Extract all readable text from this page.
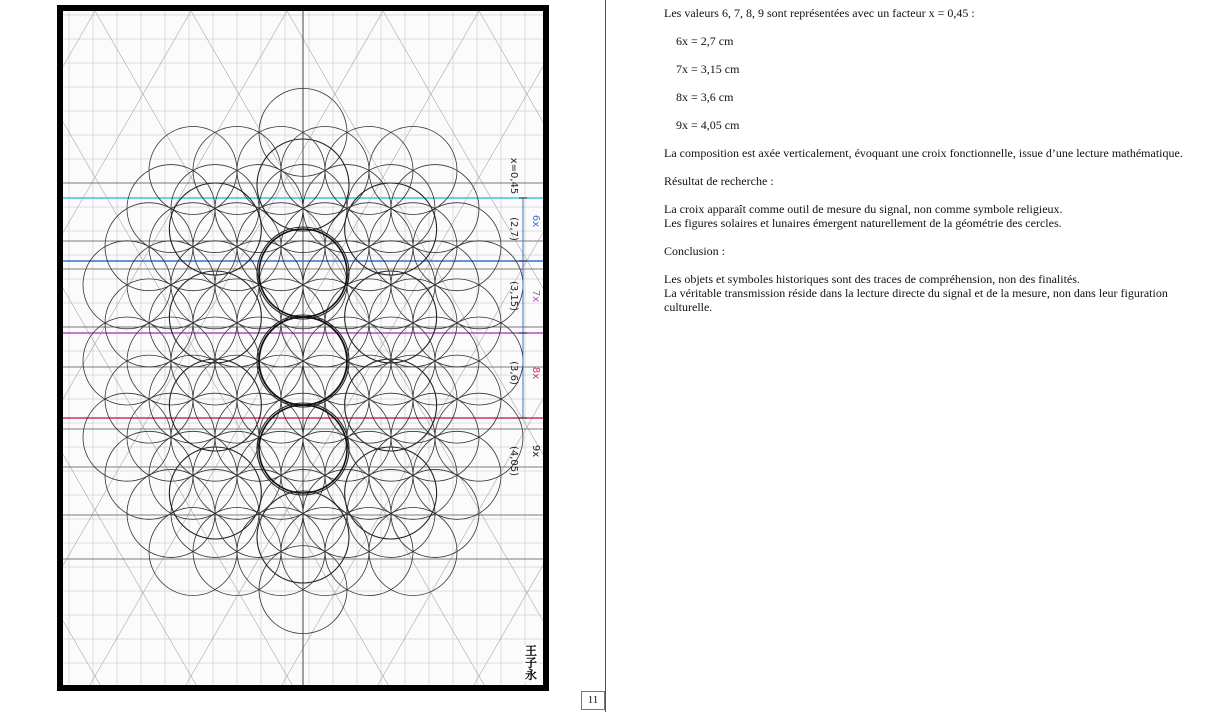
x=0,45
(2,7)
(3,15)
(3,6)
(4,05)
6x
7x
8x
9x
王
子
永
11

Les valeurs 6, 7, 8, 9 sont représentées avec un facteur x = 0,45 :

6x = 2,7 cm

7x = 3,15 cm

8x = 3,6 cm

9x = 4,05 cm

La composition est axée verticalement, évoquant une croix fonctionnelle, issue d’une lecture mathématique.

Résultat de recherche :

La croix apparaît comme outil de mesure du signal, non comme symbole religieux.
Les figures solaires et lunaires émergent naturellement de la géométrie des cercles.

Conclusion :

Les objets et symboles historiques sont des traces de compréhension, non des finalités.
La véritable transmission réside dans la lecture directe du signal et de la mesure, non dans leur figuration culturelle.
